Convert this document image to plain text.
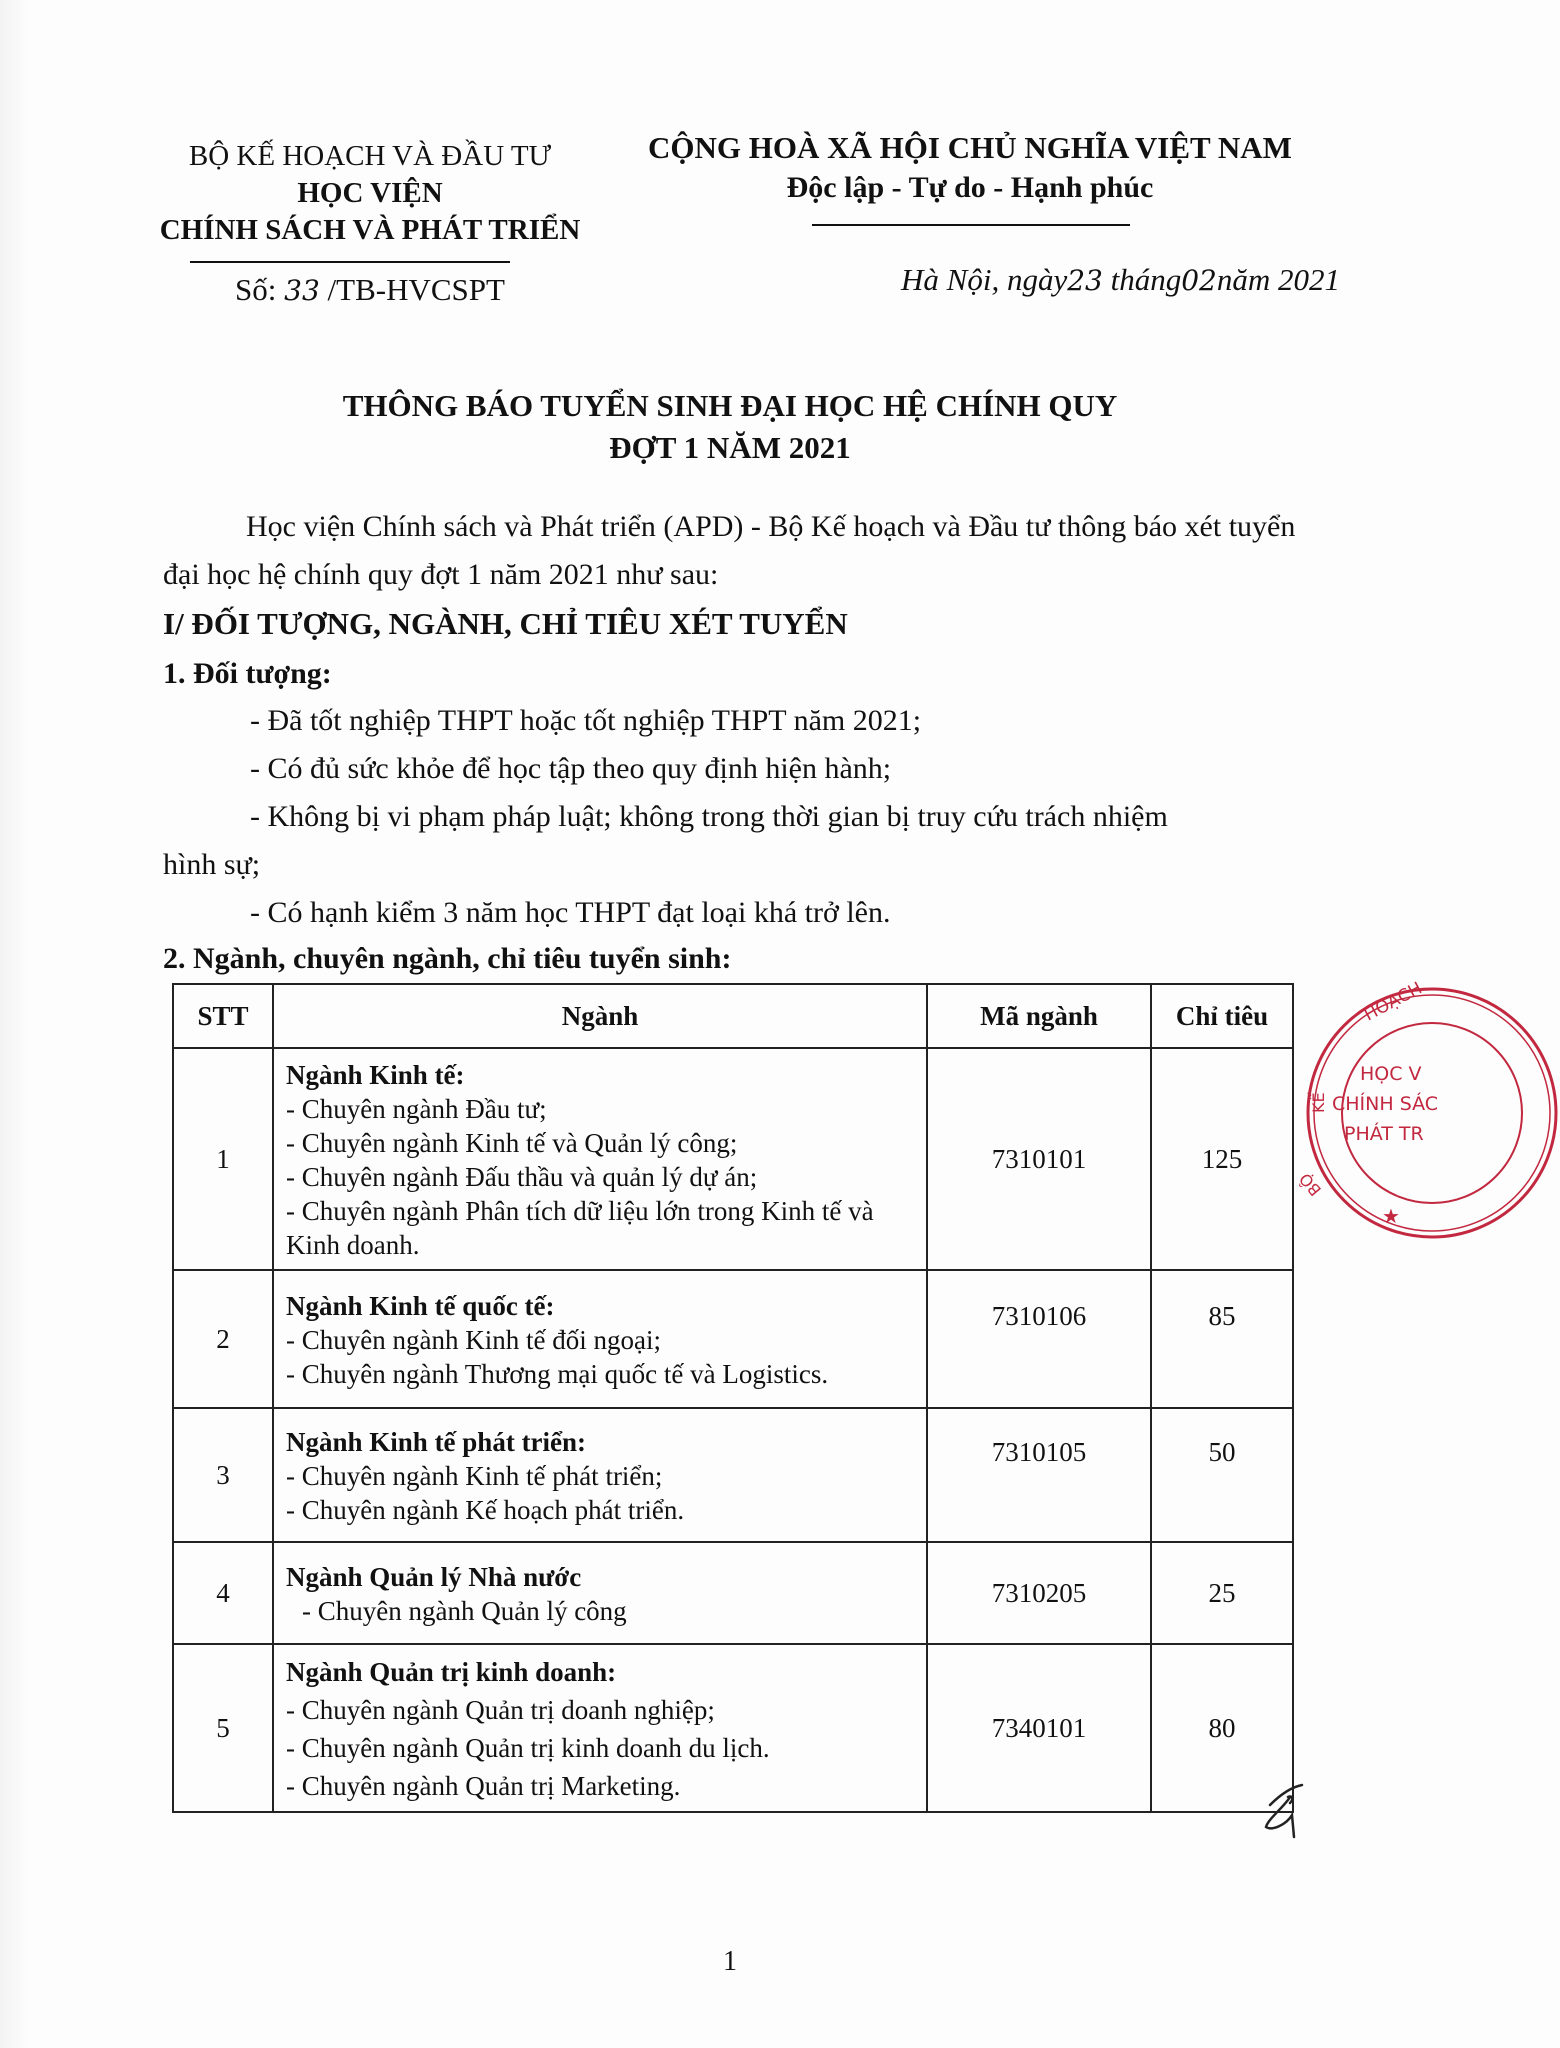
BỘ KẾ HOẠCH VÀ ĐẦU TƯ
HỌC VIỆN
CHÍNH SÁCH VÀ PHÁT TRIỂN
Số: 33 /TB-HVCSPT
CỘNG HOÀ XÃ HỘI CHỦ NGHĨA VIỆT NAM
Độc lập - Tự do - Hạnh phúc
Hà Nội, ngày23 tháng02năm 2021
THÔNG BÁO TUYỂN SINH ĐẠI HỌC HỆ CHÍNH QUY
ĐỢT 1 NĂM 2021
Học viện Chính sách và Phát triển (APD) - Bộ Kế hoạch và Đầu tư thông báo xét tuyển đại học hệ chính quy đợt 1 năm 2021 như sau:
I/ ĐỐI TƯỢNG, NGÀNH, CHỈ TIÊU XÉT TUYỂN
1. Đối tượng:
- Đã tốt nghiệp THPT hoặc tốt nghiệp THPT năm 2021;
- Có đủ sức khỏe để học tập theo quy định hiện hành;
- Không bị vi phạm pháp luật; không trong thời gian bị truy cứu trách nhiệm
hình sự;
- Có hạnh kiểm 3 năm học THPT đạt loại khá trở lên.
2. Ngành, chuyên ngành, chỉ tiêu tuyển sinh:
STT	Ngành	Mã ngành	Chỉ tiêu
1	Ngành Kinh tế:
- Chuyên ngành Đầu tư;
- Chuyên ngành Kinh tế và Quản lý công;
- Chuyên ngành Đấu thầu và quản lý dự án;
- Chuyên ngành Phân tích dữ liệu lớn trong Kinh tế và Kinh doanh.	7310101	125
2	Ngành Kinh tế quốc tế:
- Chuyên ngành Kinh tế đối ngoại;
- Chuyên ngành Thương mại quốc tế và Logistics.	7310106	85
3	Ngành Kinh tế phát triển:
- Chuyên ngành Kinh tế phát triển;
- Chuyên ngành Kế hoạch phát triển.	7310105	50
4	Ngành Quản lý Nhà nước
- Chuyên ngành Quản lý công	7310205	25
5	Ngành Quản trị kinh doanh:
- Chuyên ngành Quản trị doanh nghiệp;
- Chuyên ngành Quản trị kinh doanh du lịch.
- Chuyên ngành Quản trị Marketing.	7340101	80
HOẠCH
KẾ
BỘ
HỌC V
CHÍNH SÁC
PHÁT TR
★
1
